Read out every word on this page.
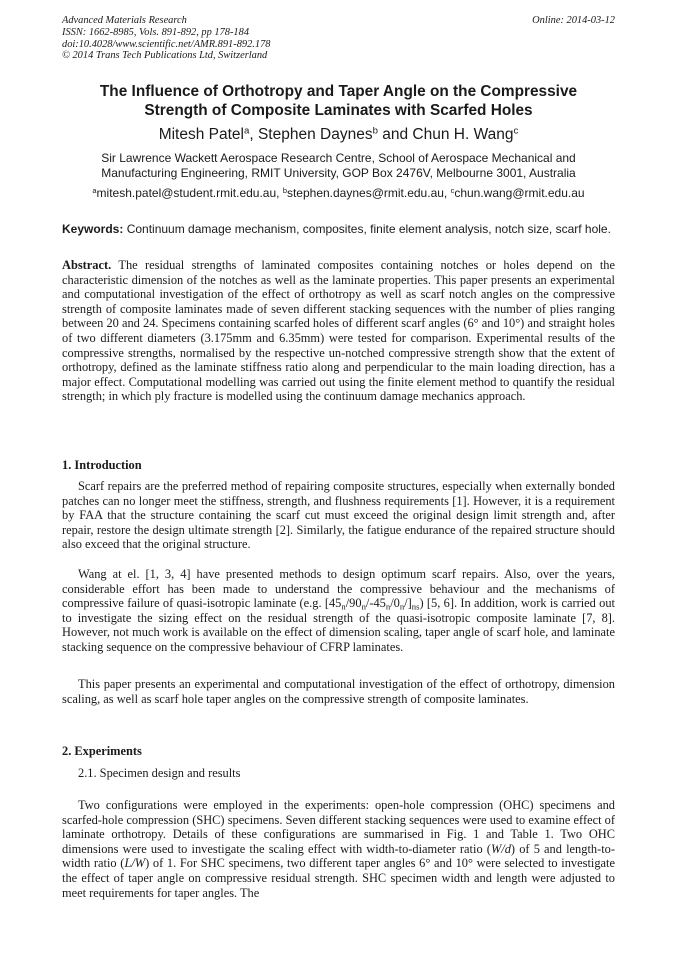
Advanced Materials Research
ISSN: 1662-8985, Vols. 891-892, pp 178-184
doi:10.4028/www.scientific.net/AMR.891-892.178
© 2014 Trans Tech Publications Ltd, Switzerland
Online: 2014-03-12
The Influence of Orthotropy and Taper Angle on the Compressive
Strength of Composite Laminates with Scarfed Holes
Mitesh Patel$^a$, Stephen Daynes$^b$ and Chun H. Wang$^c$
Sir Lawrence Wackett Aerospace Research Centre, School of Aerospace Mechanical and
Manufacturing Engineering, RMIT University, GOP Box 2476V, Melbourne 3001, Australia
$^a$mitesh.patel@student.rmit.edu.au, $^b$stephen.daynes@rmit.edu.au, $^c$chun.wang@rmit.edu.au
Keywords: Continuum damage mechanism, composites, finite element analysis, notch size, scarf hole.
Abstract. The residual strengths of laminated composites containing notches or holes depend on the characteristic dimension of the notches as well as the laminate properties. This paper presents an experimental and computational investigation of the effect of orthotropy as well as scarf notch angles on the compressive strength of composite laminates made of seven different stacking sequences with the number of plies ranging between 20 and 24. Specimens containing scarfed holes of different scarf angles (6° and 10°) and straight holes of two different diameters (3.175mm and 6.35mm) were tested for comparison. Experimental results of the compressive strengths, normalised by the respective un-notched compressive strength show that the extent of orthotropy, defined as the laminate stiffness ratio along and perpendicular to the main loading direction, has a major effect. Computational modelling was carried out using the finite element method to quantify the residual strength; in which ply fracture is modelled using the continuum damage mechanics approach.
1. Introduction
Scarf repairs are the preferred method of repairing composite structures, especially when externally bonded patches can no longer meet the stiffness, strength, and flushness requirements [1]. However, it is a requirement by FAA that the structure containing the scarf cut must exceed the original design limit strength and, after repair, restore the design ultimate strength [2]. Similarly, the fatigue endurance of the repaired structure should also exceed that the original structure.
Wang at el. [1, 3, 4] have presented methods to design optimum scarf repairs. Also, over the years, considerable effort has been made to understand the compressive behaviour and the mechanisms of compressive failure of quasi-isotropic laminate (e.g. $[45_n/90_n/-45_n/0_n/]_{ns}$) [5, 6]. In addition, work is carried out to investigate the sizing effect on the residual strength of the quasi-isotropic composite laminate [7, 8]. However, not much work is available on the effect of dimension scaling, taper angle of scarf hole, and laminate stacking sequence on the compressive behaviour of CFRP laminates.
This paper presents an experimental and computational investigation of the effect of orthotropy, dimension scaling, as well as scarf hole taper angles on the compressive strength of composite laminates.
2. Experiments
2.1. Specimen design and results
Two configurations were employed in the experiments: open-hole compression (OHC) specimens and scarfed-hole compression (SHC) specimens. Seven different stacking sequences were used to examine effect of laminate orthotropy. Details of these configurations are summarised in Fig. 1 and Table 1. Two OHC dimensions were used to investigate the scaling effect with width-to-diameter ratio (W/d) of 5 and length-to-width ratio (L/W) of 1. For SHC specimens, two different taper angles 6° and 10° were selected to investigate the effect of taper angle on compressive residual strength. SHC specimen width and length were adjusted to meet requirements for taper angles. The
